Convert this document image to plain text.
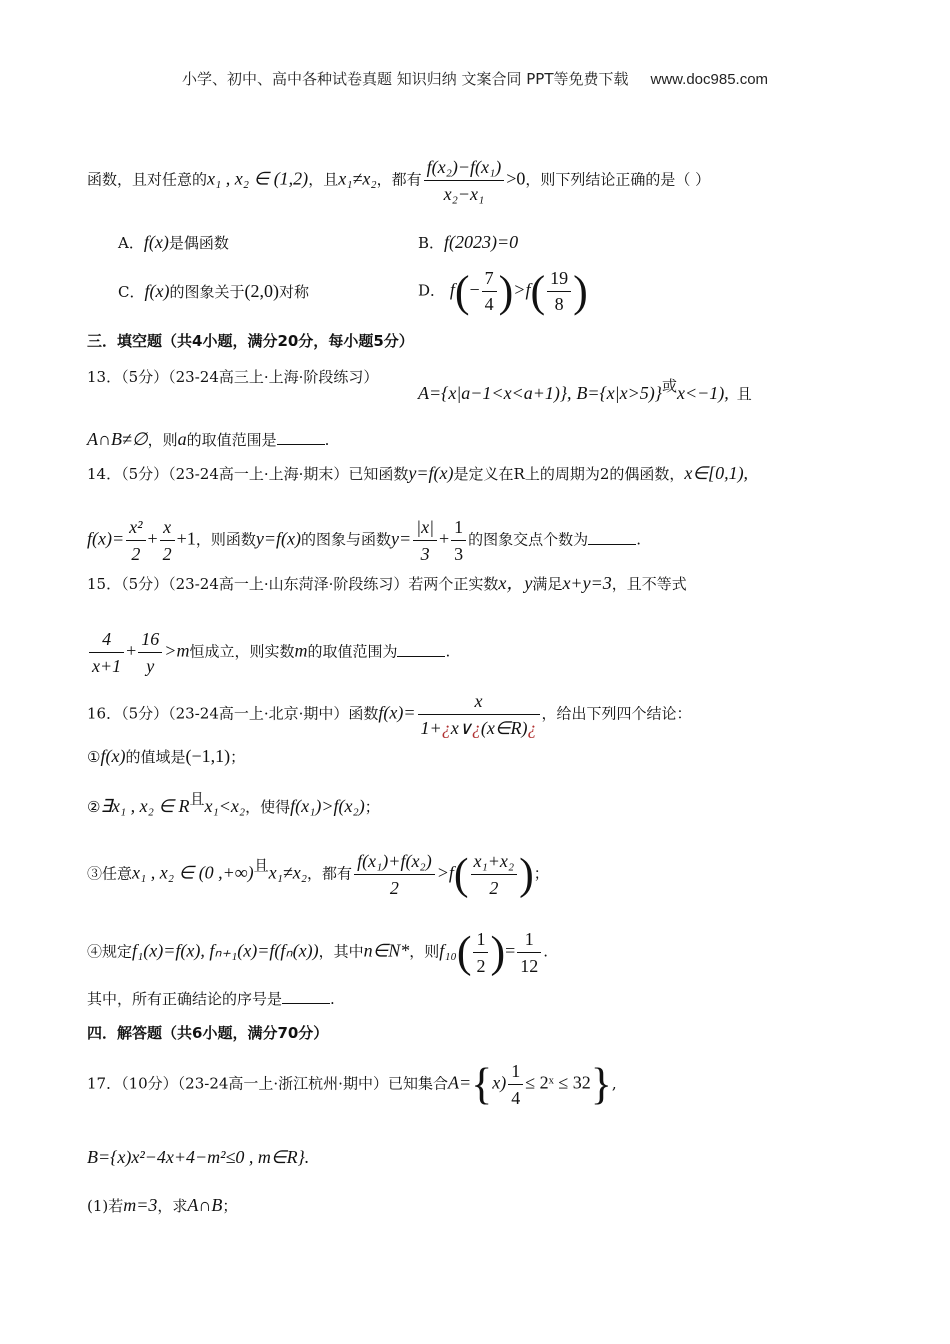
小学、初中、高中各种试卷真题 知识归纳 文案合同 PPT等免费下载 www.doc985.com
函数，且对任意的x₁ , x₂ ∈ (1,2)，且x₁≠x₂，都有 $\frac{\text{f(x₂)−f(x₁)}}{\text{x₂−x₁}} >0$，则下列结论正确的是（ ）
A．f(x)是偶函数	B．f(2023)=0
C．f(x)的图象关于(2,0)对称	D． $f(- \frac{7}{4} )>f( \frac{19}{8}$ )
三．填空题（共4小题，满分20分，每小题5分）
13．（5分）（23-24高三上·上海·阶段练习）
A={x|a−1<x<a+1)}, B={x|x>5)}或x<−1), 且
A∩B≠∅，则a的取值范围是	.
14．（5分）（23-24高一上·上海·期末）已知函数y=f(x)是定义在R上的周期为2的偶函数，x∈[0,1),
$f(x)= \frac{\text{x²}}{2} + \frac{x}{2} +1$，则函数y=f(x)的图象与函数$y= \frac{|x|}{3} + \frac{1}{3}$ 的图象交点个数为	.
15．（5分）（23-24高一上·山东菏泽·阶段练习）若两个正实数x，y满足x+y=3，且不等式
$\frac{4}{x+1} + \frac{16}{y} >m$恒成立，则实数m的取值范围为	.
16．（5分）（23-24高一上·北京·期中）函数$f(x)= \frac{x}{1+¿x\vee¿(x\in R)¿}$ ，给出下列四个结论：
①f(x)的值域是(−1,1)；
②∃x₁ , x₂ ∈ R且x₁<x₂，使得f(x₁)>f(x₂)；
③任意x₁ , x₂ ∈ (0 ,+∞)且x₁≠x₂，都有 $\frac{\text{f(x₁)+f(x₂)}}{2} >f( \frac{\text{x₁+x₂}}{2}$ )；
④规定f₁(x)=f(x), fₙ₊₁(x)=f(fₙ(x))，其中n∈N*，则$f_{10}( \frac{1}{2}$ )= $\frac{1}{12}$ .
其中，所有正确结论的序号是	.
四．解答题（共6小题，满分70分）
17．（10分）（23-24高一上·浙江杭州·期中）已知集合$A=\{x) \frac{1}{4}$ ≤ 2ˣ ≤ 32},
B={x)x²−4x+4−m²≤0 , m∈R}.
(1)若m=3，求A∩B；
